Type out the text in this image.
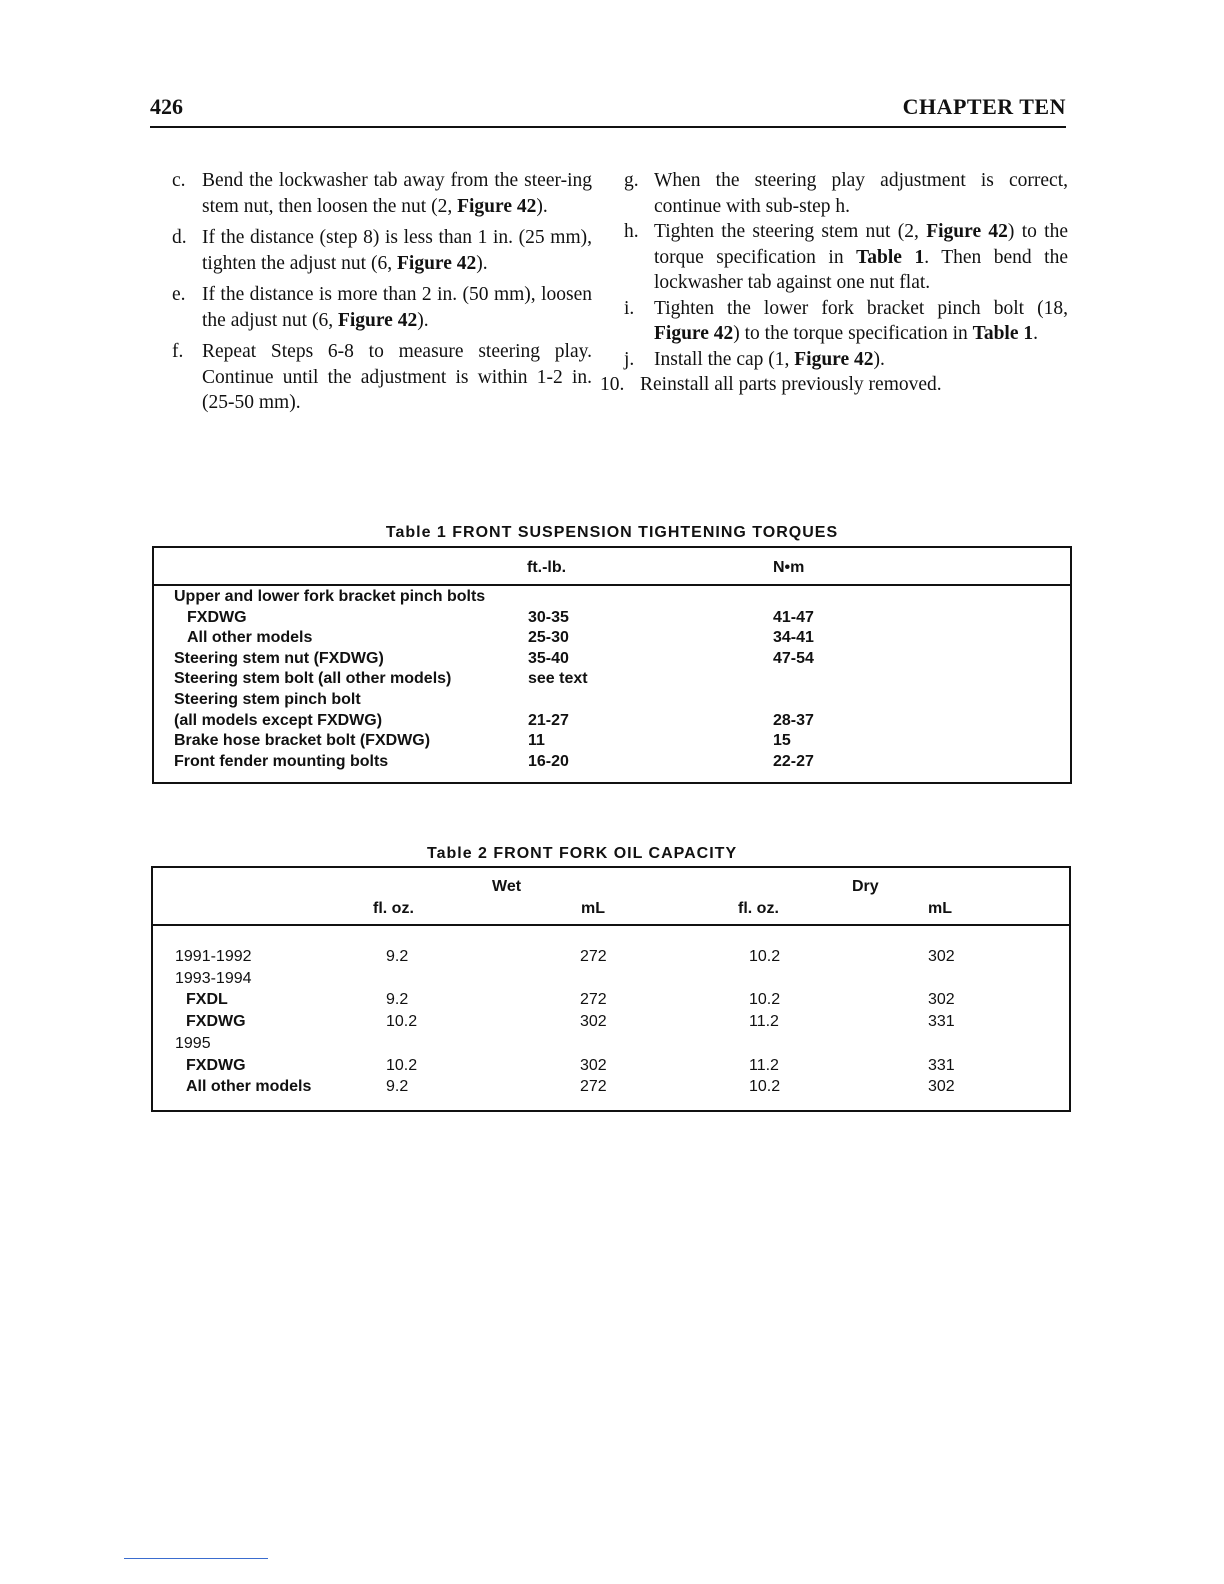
426	CHAPTER TEN
c. Bend the lockwasher tab away from the steer-ing stem nut, then loosen the nut (2, Figure 42).
d. If the distance (step 8) is less than 1 in. (25 mm), tighten the adjust nut (6, Figure 42).
e. If the distance is more than 2 in. (50 mm), loosen the adjust nut (6, Figure 42).
f. Repeat Steps 6-8 to measure steering play. Continue until the adjustment is within 1-2 in. (25-50 mm).
g. When the steering play adjustment is correct, continue with sub-step h.
h. Tighten the steering stem nut (2, Figure 42) to the torque specification in Table 1. Then bend the lockwasher tab against one nut flat.
i. Tighten the lower fork bracket pinch bolt (18, Figure 42) to the torque specification in Table 1.
j. Install the cap (1, Figure 42).
10. Reinstall all parts previously removed.
Table 1 FRONT SUSPENSION TIGHTENING TORQUES
ft.-lb.	N•m
Upper and lower fork bracket pinch bolts
FXDWG	30-35	41-47
All other models	25-30	34-41
Steering stem nut (FXDWG)	35-40	47-54
Steering stem bolt (all other models)	see text
Steering stem pinch bolt
(all models except FXDWG)	21-27	28-37
Brake hose bracket bolt (FXDWG)	11	15
Front fender mounting bolts	16-20	22-27
Table 2 FRONT FORK OIL CAPACITY
Wet	Dry
fl. oz.	mL	fl. oz.	mL
1991-1992	9.2	272	10.2	302
1993-1994
FXDL	9.2	272	10.2	302
FXDWG	10.2	302	11.2	331
1995
FXDWG	10.2	302	11.2	331
All other models	9.2	272	10.2	302
